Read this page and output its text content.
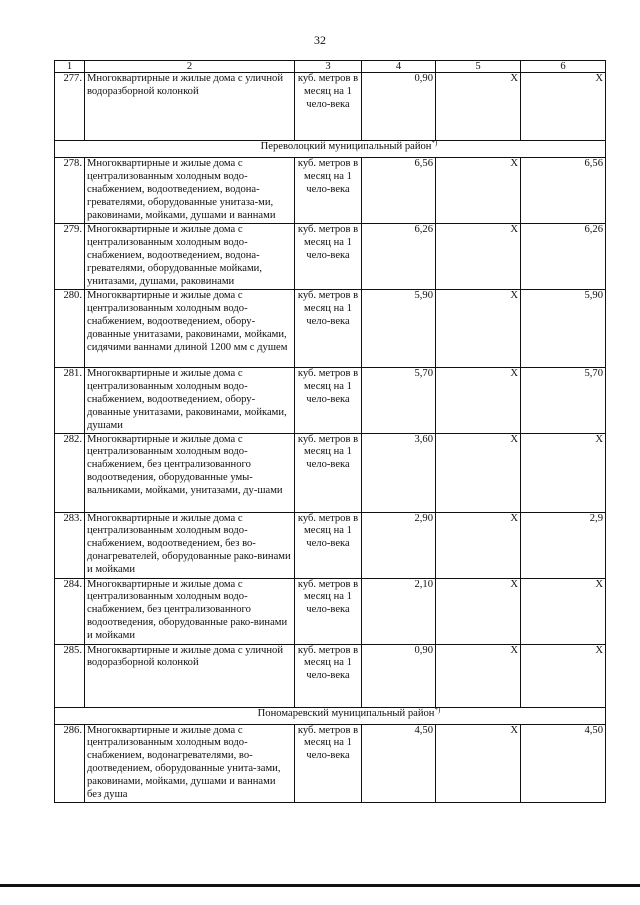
32
1	2	3	4	5	6
277.	Многоквартирные и жилые дома с уличной водоразборной колонкой	куб. метров в месяц на 1 чело-века	0,90	Х	Х
Переволоцкий муниципальный район*)
278.	Многоквартирные и жилые дома с централизованным холодным водо-снабжением, водоотведением, водона-гревателями, оборудованные унитаза-ми, раковинами, мойками, душами и ваннами	куб. метров в месяц на 1 чело-века	6,56	Х	6,56
279.	Многоквартирные и жилые дома с централизованным холодным водо-снабжением, водоотведением, водона-гревателями, оборудованные мойками, унитазами, душами, раковинами	куб. метров в месяц на 1 чело-века	6,26	Х	6,26
280.	Многоквартирные и жилые дома с централизованным холодным водо-снабжением, водоотведением, обору-дованные унитазами, раковинами, мойками, сидячими ваннами длиной 1200 мм с душем	куб. метров в месяц на 1 чело-века	5,90	Х	5,90
281.	Многоквартирные и жилые дома с централизованным холодным водо-снабжением, водоотведением, обору-дованные унитазами, раковинами, мойками, душами	куб. метров в месяц на 1 чело-века	5,70	Х	5,70
282.	Многоквартирные и жилые дома с централизованным холодным водо-снабжением, без централизованного водоотведения, оборудованные умы-вальниками, мойками, унитазами, ду-шами	куб. метров в месяц на 1 чело-века	3,60	Х	Х
283.	Многоквартирные и жилые дома с централизованным холодным водо-снабжением, водоотведением, без во-донагревателей, оборудованные рако-винами и мойками	куб. метров в месяц на 1 чело-века	2,90	Х	2,9
284.	Многоквартирные и жилые дома с централизованным холодным водо-снабжением, без централизованного водоотведения, оборудованные рако-винами и мойками	куб. метров в месяц на 1 чело-века	2,10	Х	Х
285.	Многоквартирные и жилые дома с уличной водоразборной колонкой	куб. метров в месяц на 1 чело-века	0,90	Х	Х
Пономаревский муниципальный район*)
286.	Многоквартирные и жилые дома с централизованным холодным водо-снабжением, водонагревателями, во-доотведением, оборудованные унита-зами, раковинами, мойками, душами и ваннами без душа	куб. метров в месяц на 1 чело-века	4,50	Х	4,50
